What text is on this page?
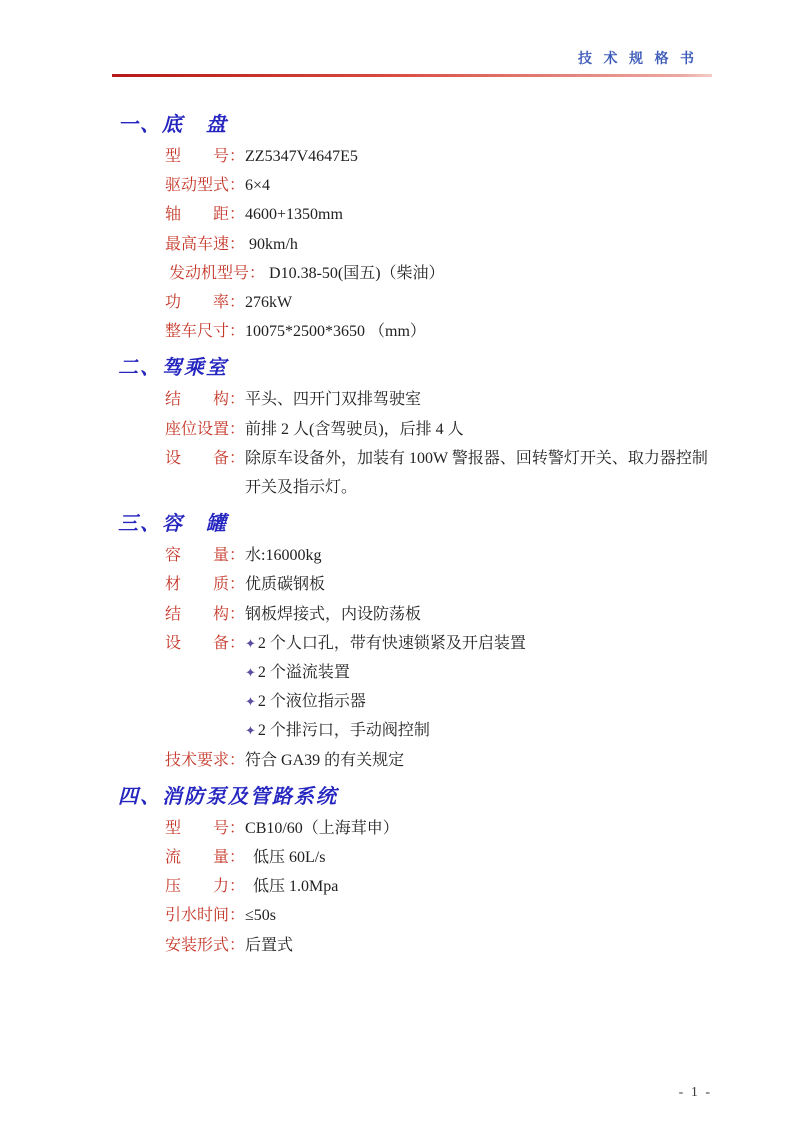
技 术 规 格 书
一、底　盘
型　　号： ZZ5347V4647E5
驱动型式： 6×4
轴　　距： 4600+1350mm
最高车速： 90km/h
发动机型号： D10.38-50(国五)（柴油）
功　　率： 276kW
整车尺寸： 10075*2500*3650 （mm）
二、驾乘室
结　　构： 平头、四开门双排驾驶室
座位设置： 前排 2 人(含驾驶员)，后排 4 人
设　　备： 除原车设备外，加装有 100W 警报器、回转警灯开关、取力器控制开关及指示灯。
三、容　罐
容　　量： 水:16000kg
材　　质： 优质碳钢板
结　　构： 钢板焊接式，内设防荡板
设　　备： ✦ 2 个人口孔，带有快速锁紧及开启装置
✦ 2 个溢流装置
✦ 2 个液位指示器
✦ 2 个排污口，手动阀控制
技术要求： 符合 GA39 的有关规定
四、消防泵及管路系统
型　　号： CB10/60（上海茸申）
流　　量： 低压 60L/s
压　　力： 低压 1.0Mpa
引水时间： ≤50s
安装形式： 后置式
- 1 -
